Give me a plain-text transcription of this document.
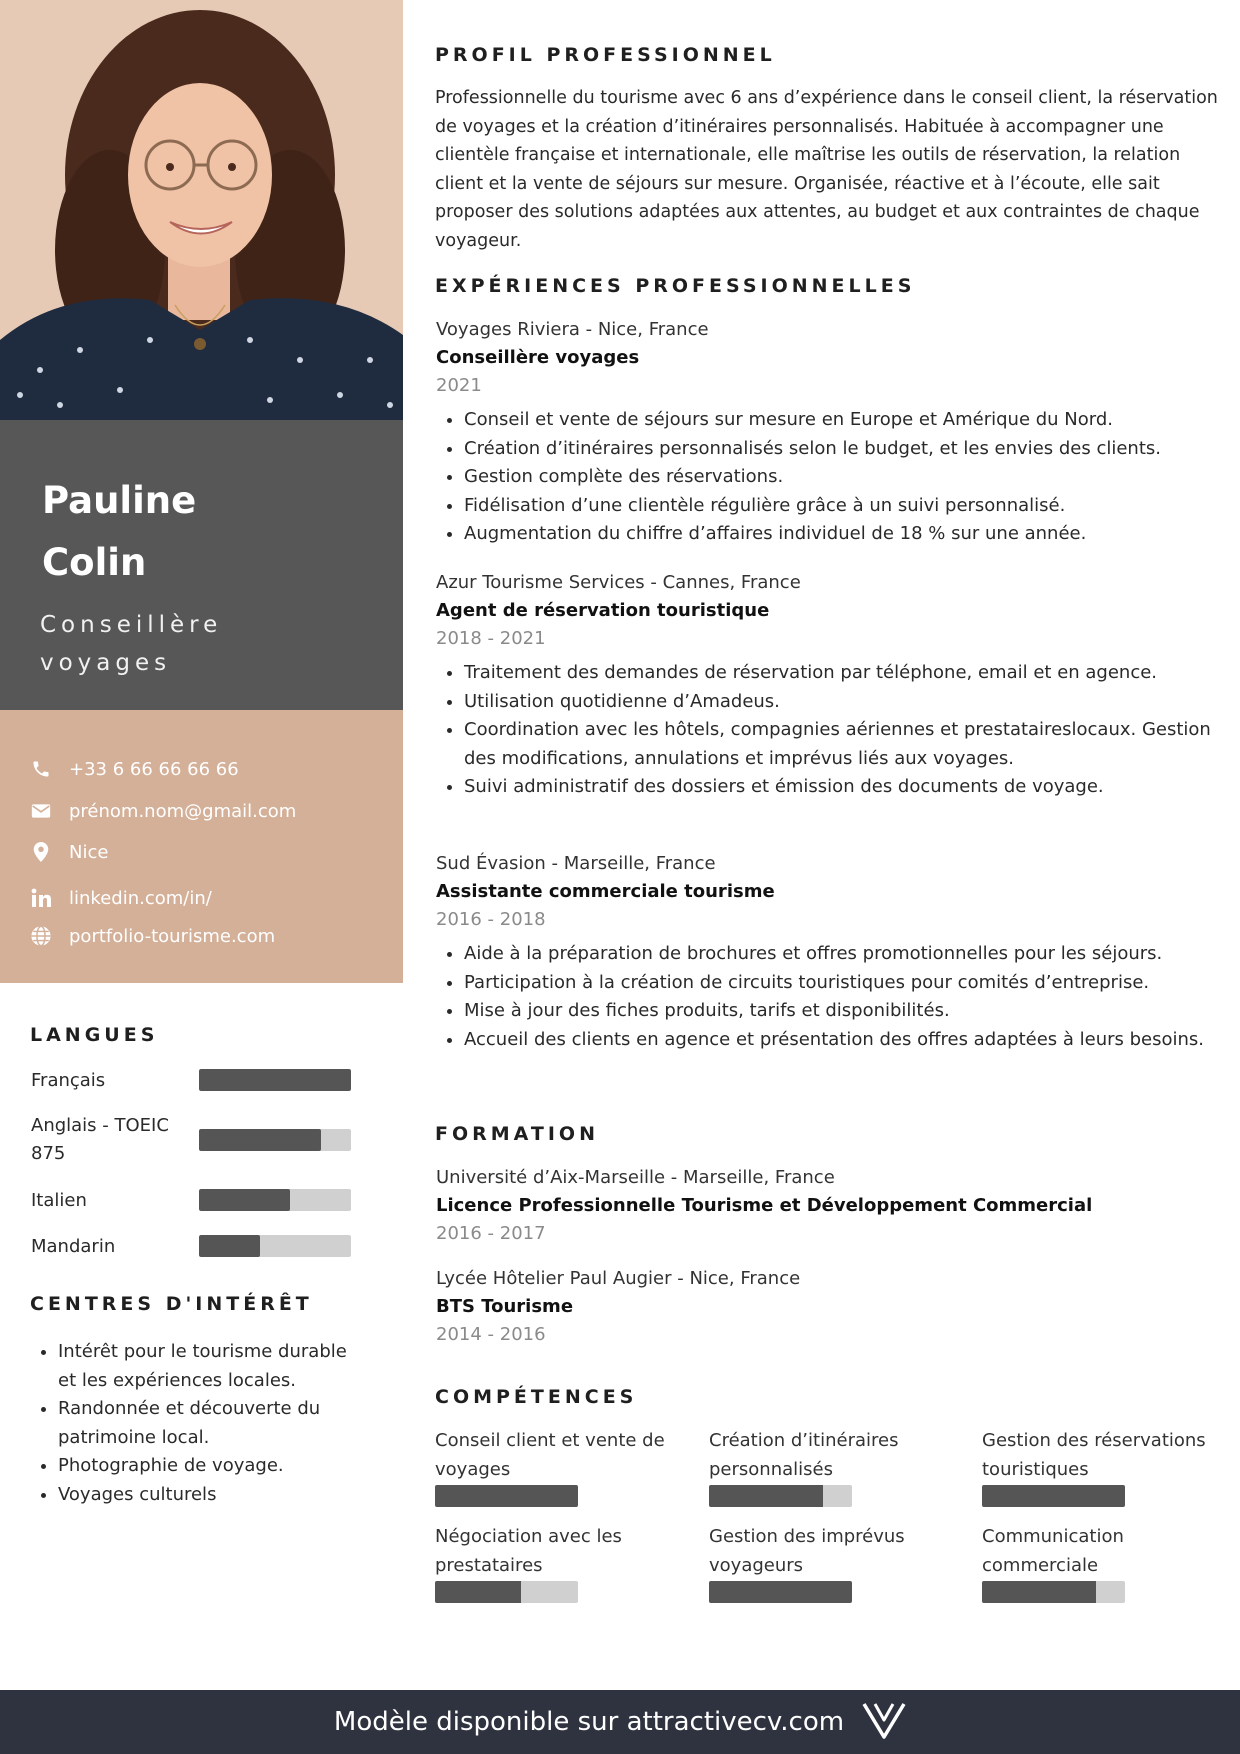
Pauline
Colin
Conseillère
voyages
+33 6 66 66 66 66
prénom.nom@gmail.com
Nice
linkedin.com/in/
portfolio-tourisme.com
LANGUES
Français
Anglais - TOEIC 875
Italien
Mandarin
CENTRES D'INTÉRÊT
• Intérêt pour le tourisme durable et les expériences locales.
• Randonnée et découverte du patrimoine local.
• Photographie de voyage.
• Voyages culturels
PROFIL PROFESSIONNEL

Professionnelle du tourisme avec 6 ans d’expérience dans le conseil client, la réservation de voyages et la création d’itinéraires personnalisés. Habituée à accompagner une clientèle française et internationale, elle maîtrise les outils de réservation, la relation client et la vente de séjours sur mesure. Organisée, réactive et à l’écoute, elle sait proposer des solutions adaptées aux attentes, au budget et aux contraintes de chaque voyageur.

EXPÉRIENCES PROFESSIONNELLES
Voyages Riviera - Nice, France
Conseillère voyages
2021
• Conseil et vente de séjours sur mesure en Europe et Amérique du Nord.
• Création d’itinéraires personnalisés selon le budget, et les envies des clients.
• Gestion complète des réservations.
• Fidélisation d’une clientèle régulière grâce à un suivi personnalisé.
• Augmentation du chiffre d’affaires individuel de 18 % sur une année.
Azur Tourisme Services - Cannes, France
Agent de réservation touristique
2018 - 2021
• Traitement des demandes de réservation par téléphone, email et en agence.
• Utilisation quotidienne d’Amadeus.
• Coordination avec les hôtels, compagnies aériennes et prestataireslocaux. Gestion des modifications, annulations et imprévus liés aux voyages.
• Suivi administratif des dossiers et émission des documents de voyage.
Sud Évasion - Marseille, France
Assistante commerciale tourisme
2016 - 2018
• Aide à la préparation de brochures et offres promotionnelles pour les séjours.
• Participation à la création de circuits touristiques pour comités d’entreprise.
• Mise à jour des fiches produits, tarifs et disponibilités.
• Accueil des clients en agence et présentation des offres adaptées à leurs besoins.
FORMATION
Université d’Aix-Marseille - Marseille, France
Licence Professionnelle Tourisme et Développement Commercial
2016 - 2017
Lycée Hôtelier Paul Augier - Nice, France
BTS Tourisme
2014 - 2016
COMPÉTENCES
Conseil client et vente de voyages
Création d’itinéraires personnalisés
Gestion des réservations touristiques
Négociation avec les prestataires
Gestion des imprévus voyageurs
Communication commerciale
Modèle disponible sur attractivecv.com
